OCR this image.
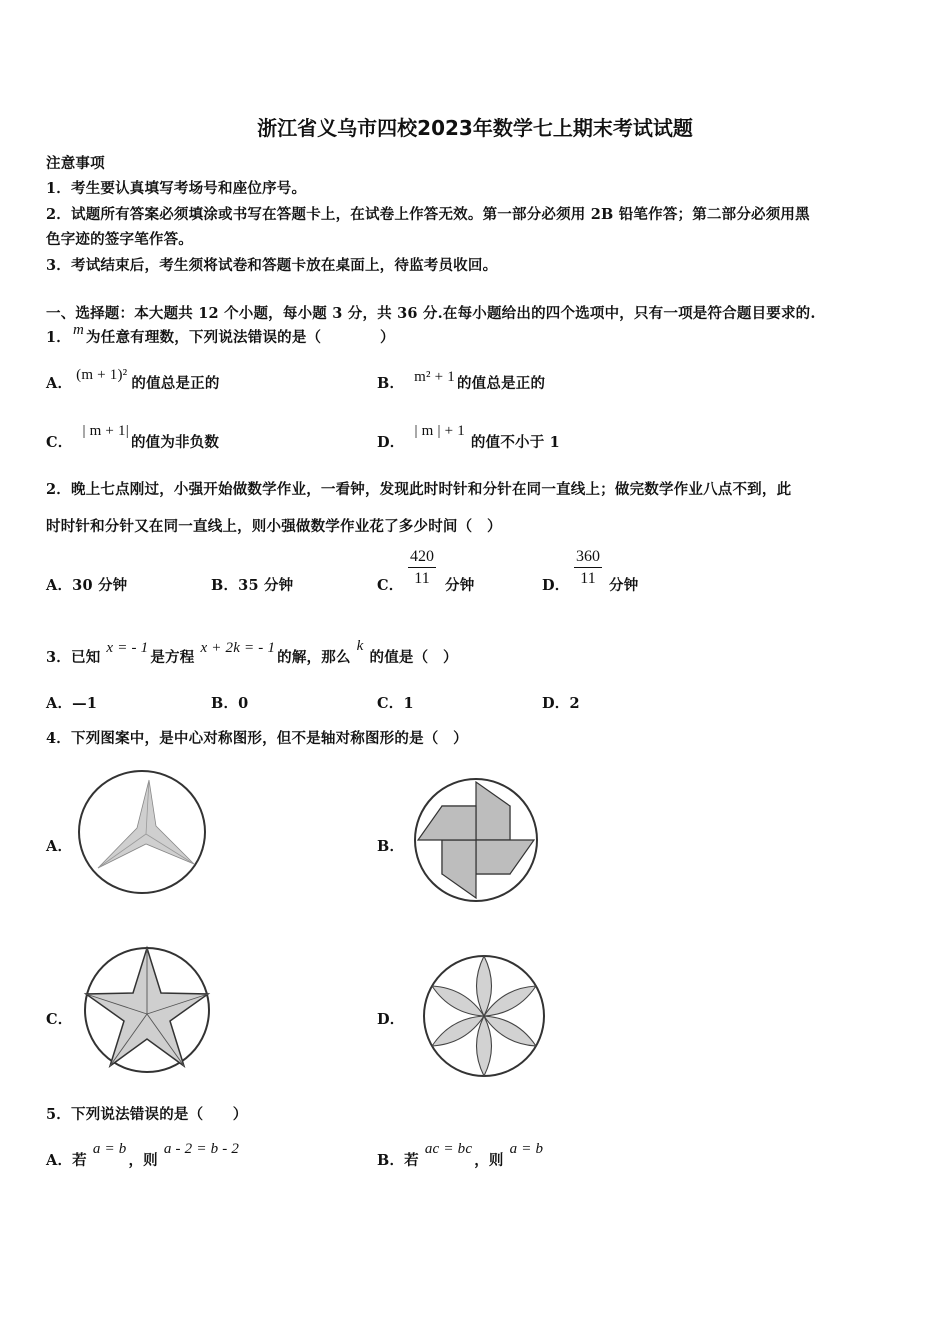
浙江省义乌市四校2023年数学七上期末考试试题
注意事项
1．考生要认真填写考场号和座位序号。
2．试题所有答案必须填涂或书写在答题卡上，在试卷上作答无效。第一部分必须用 2B 铅笔作答；第二部分必须用黑
色字迹的签字笔作答。
3．考试结束后，考生须将试卷和答题卡放在桌面上，待监考员收回。
一、选择题：本大题共 12 个小题，每小题 3 分，共 36 分.在每小题给出的四个选项中，只有一项是符合题目要求的.
1． m 为任意有理数，下列说法错误的是（　　　　）
A． (m + 1)² 的值总是正的	B． m² + 1 的值总是正的
C．| m + 1|的值为非负数	D．| m | + 1的值不小于 1
2．晚上七点刚过，小强开始做数学作业，一看钟，发现此时时针和分针在同一直线上；做完数学作业八点不到，此
时时针和分针又在同一直线上，则小强做数学作业花了多少时间（　）
A．30 分钟	B．35 分钟	C． $\frac{420}{11}$ 分钟	D． $\frac{360}{11}$ 分钟
3．已知x = - 1是方程x + 2k = - 1的解，那么k的值是（　）
A．—1	B．0	C．1	D．2
4．下列图案中，是中心对称图形，但不是轴对称图形的是（　）
A．	B．
C．	D．
5．下列说法错误的是（　　）
A．若a = b，则a - 2 = b - 2
B．若ac = bc，则a = b
